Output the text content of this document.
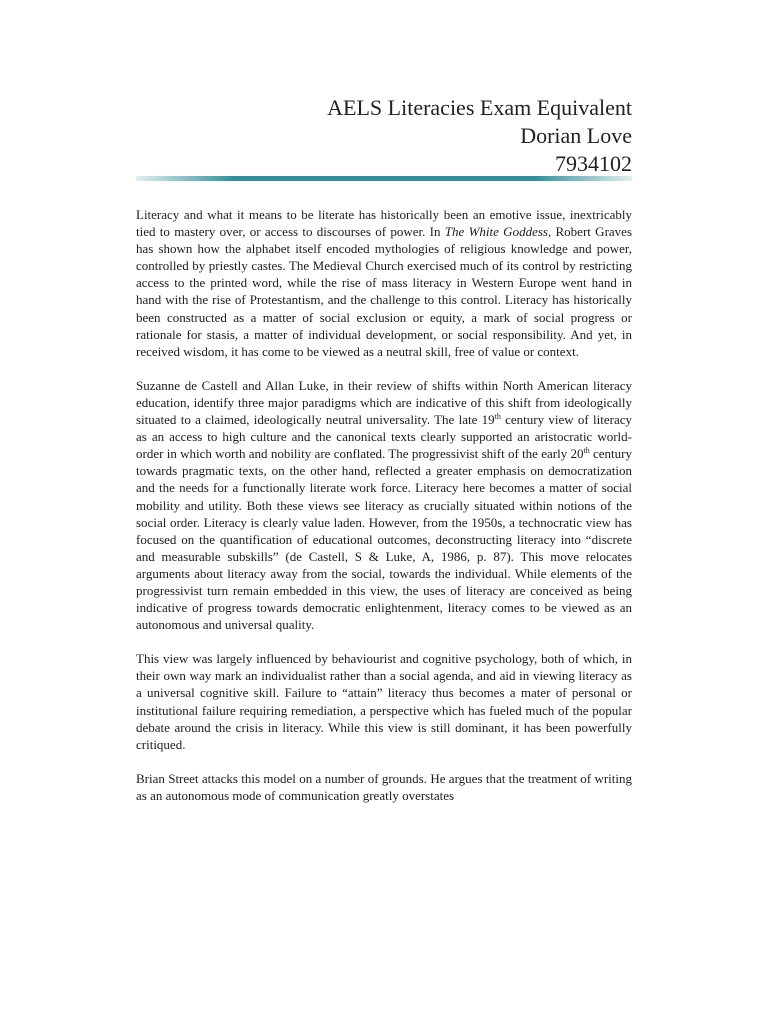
AELS Literacies Exam Equivalent
Dorian Love
7934102

Literacy and what it means to be literate has historically been an emotive issue, inextricably tied to mastery over, or access to discourses of power. In The White Goddess, Robert Graves has shown how the alphabet itself encoded mythologies of religious knowledge and power, controlled by priestly castes. The Medieval Church exercised much of its control by restricting access to the printed word, while the rise of mass literacy in Western Europe went hand in hand with the rise of Protestantism, and the challenge to this control. Literacy has historically been constructed as a matter of social exclusion or equity, a mark of social progress or rationale for stasis, a matter of individual development, or social responsibility. And yet, in received wisdom, it has come to be viewed as a neutral skill, free of value or context.

Suzanne de Castell and Allan Luke, in their review of shifts within North American literacy education, identify three major paradigms which are indicative of this shift from ideologically situated to a claimed, ideologically neutral universality. The late 19th century view of literacy as an access to high culture and the canonical texts clearly supported an aristocratic world-order in which worth and nobility are conflated. The progressivist shift of the early 20th century towards pragmatic texts, on the other hand, reflected a greater emphasis on democratization and the needs for a functionally literate work force. Literacy here becomes a matter of social mobility and utility. Both these views see literacy as crucially situated within notions of the social order. Literacy is clearly value laden. However, from the 1950s, a technocratic view has focused on the quantification of educational outcomes, deconstructing literacy into “discrete and measurable subskills” (de Castell, S & Luke, A, 1986, p. 87). This move relocates arguments about literacy away from the social, towards the individual. While elements of the progressivist turn remain embedded in this view, the uses of literacy are conceived as being indicative of progress towards democratic enlightenment, literacy comes to be viewed as an autonomous and universal quality.

This view was largely influenced by behaviourist and cognitive psychology, both of which, in their own way mark an individualist rather than a social agenda, and aid in viewing literacy as a universal cognitive skill. Failure to “attain” literacy thus becomes a mater of personal or institutional failure requiring remediation, a perspective which has fueled much of the popular debate around the crisis in literacy. While this view is still dominant, it has been powerfully critiqued.

Brian Street attacks this model on a number of grounds. He argues that the treatment of writing as an autonomous mode of communication greatly overstates
